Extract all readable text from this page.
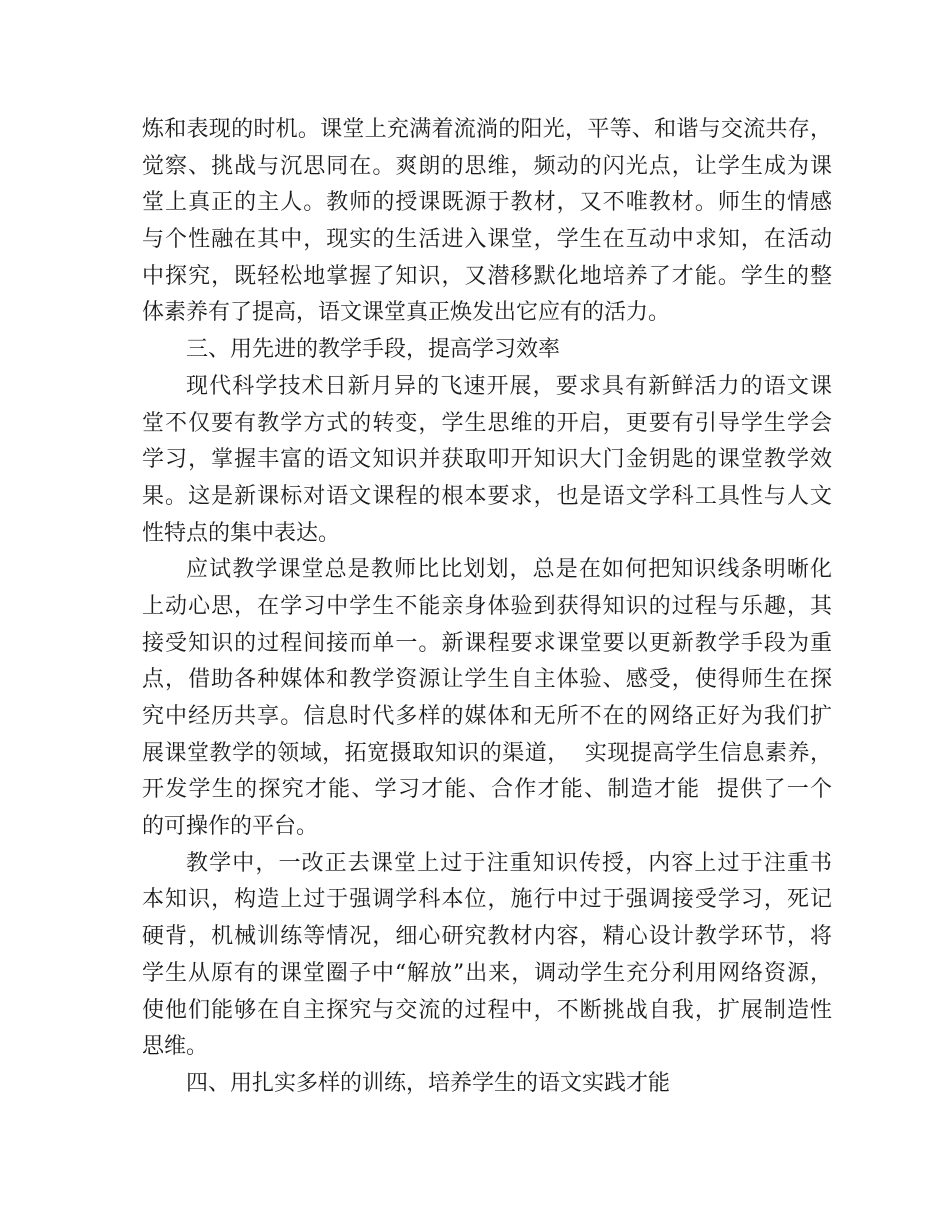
炼和表现的时机。课堂上充满着流淌的阳光，平等、和谐与交流共存，
觉察、挑战与沉思同在。爽朗的思维，频动的闪光点，让学生成为课
堂上真正的主人。教师的授课既源于教材，又不唯教材。师生的情感
与个性融在其中，现实的生活进入课堂，学生在互动中求知，在活动
中探究，既轻松地掌握了知识，又潜移默化地培养了才能。学生的整
体素养有了提高，语文课堂真正焕发出它应有的活力。
三、用先进的教学手段，提高学习效率
现代科学技术日新月异的飞速开展，要求具有新鲜活力的语文课
堂不仅要有教学方式的转变，学生思维的开启，更要有引导学生学会
学习，掌握丰富的语文知识并获取叩开知识大门金钥匙的课堂教学效
果。这是新课标对语文课程的根本要求，也是语文学科工具性与人文
性特点的集中表达。
应试教学课堂总是教师比比划划，总是在如何把知识线条明晰化
上动心思，在学习中学生不能亲身体验到获得知识的过程与乐趣，其
接受知识的过程间接而单一。新课程要求课堂要以更新教学手段为重
点，借助各种媒体和教学资源让学生自主体验、感受，使得师生在探
究中经历共享。信息时代多样的媒体和无所不在的网络正好为我们扩
展课堂教学的领域，拓宽摄取知识的渠道，  实现提高学生信息素养，
开发学生的探究才能、学习才能、合作才能、制造才能  提供了一个
的可操作的平台。
教学中，一改正去课堂上过于注重知识传授，内容上过于注重书
本知识，构造上过于强调学科本位，施行中过于强调接受学习，死记
硬背，机械训练等情况，细心研究教材内容，精心设计教学环节，将
学生从原有的课堂圈子中“解放”出来，调动学生充分利用网络资源，
使他们能够在自主探究与交流的过程中，不断挑战自我，扩展制造性
思维。
四、用扎实多样的训练，培养学生的语文实践才能
